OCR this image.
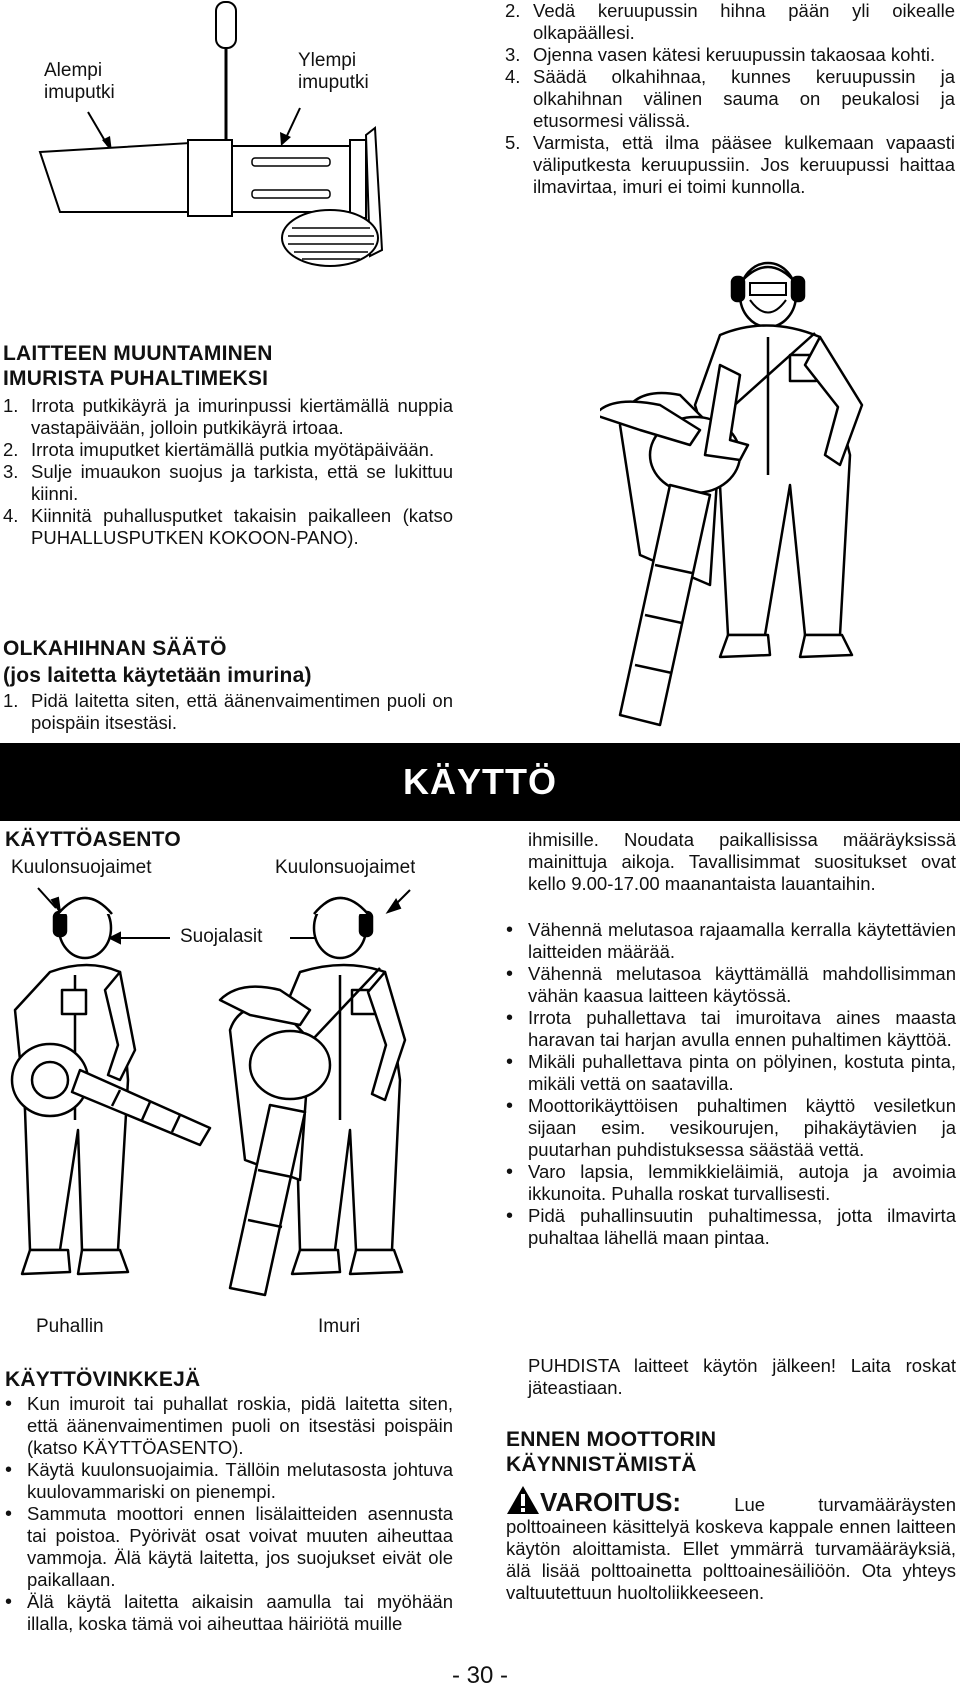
Alempi imuputki
Ylempi imuputki
2. Vedä keruupussin hihna pään yli oikealle olkapäällesi.
3. Ojenna vasen kätesi keruupussin takaosaa kohti.
4. Säädä olkahihnaa, kunnes keruupussin ja olkahihnan välinen sauma on peukalosi ja etusormesi välissä.
5. Varmista, että ilma pääsee kulkemaan vapaasti väliputkesta keruupussiin. Jos keruupussi haittaa ilmavirtaa, imuri ei toimi kunnolla.
LAITTEEN MUUNTAMINEN IMURISTA PUHALTIMEKSI
1. Irrota putkikäyrä ja imurinpussi kiertämällä nuppia vastapäivään, jolloin putkikäyrä irtoaa.
2. Irrota imuputket kiertämällä putkia myötäpäivään.
3. Sulje imuaukon suojus ja tarkista, että se lukittuu kiinni.
4. Kiinnitä puhallusputket takaisin paikalleen (katso PUHALLUSPUTKEN KOKOON-PANO).
OLKAHIHNAN SÄÄTÖ
(jos laitetta käytetään imurina)
1. Pidä laitetta siten, että äänenvaimentimen puoli on poispäin itsestäsi.
KÄYTTÖ
KÄYTTÖASENTO
Kuulonsuojaimet	Kuulonsuojaimet
Suojalasit
Puhallin	Imuri
KÄYTTÖVINKKEJÄ
• Kun imuroit tai puhallat roskia, pidä laitetta siten, että äänenvaimentimen puoli on itsestäsi poispäin (katso KÄYTTÖASENTO).
• Käytä kuulonsuojaimia. Tällöin melutasosta johtuva kuulovammariski on pienempi.
• Sammuta moottori ennen lisälaitteiden asennusta tai poistoa. Pyörivät osat voivat muuten aiheuttaa vammoja. Älä käytä laitetta, jos suojukset eivät ole paikallaan.
• Älä käytä laitetta aikaisin aamulla tai myöhään illalla, koska tämä voi aiheuttaa häiriötä muille
ihmisille. Noudata paikallisissa määräyksissä mainittuja aikoja. Tavallisimmat suositukset ovat kello 9.00-17.00 maanantaista lauantaihin.
• Vähennä melutasoa rajaamalla kerralla käytettävien laitteiden määrää.
• Vähennä melutasoa käyttämällä mahdollisimman vähän kaasua laitteen käytössä.
• Irrota puhallettava tai imuroitava aines maasta haravan tai harjan avulla ennen puhaltimen käyttöä.
• Mikäli puhallettava pinta on pölyinen, kostuta pinta, mikäli vettä on saatavilla.
• Moottorikäyttöisen puhaltimen käyttö vesiletkun sijaan esim. vesikourujen, pihakäytävien ja puutarhan puhdistuksessa säästää vettä.
• Varo lapsia, lemmikkieläimiä, autoja ja avoimia ikkunoita. Puhalla roskat turvallisesti.
• Pidä puhallinsuutin puhaltimessa, jotta ilmavirta puhaltaa lähellä maan pintaa.
PUHDISTA laitteet käytön jälkeen! Laita roskat jäteastiaan.
ENNEN MOOTTORIN KÄYNNISTÄMISTÄ
VAROITUS:	Lue turvamääräysten polttoaineen käsittelyä koskeva kappale ennen laitteen käytön aloittamista. Ellet ymmärrä turvamääräyksiä, älä lisää polttoainetta polttoainesäiliöön. Ota yhteys valtuutettuun huoltoliikkeeseen.
- 30 -
